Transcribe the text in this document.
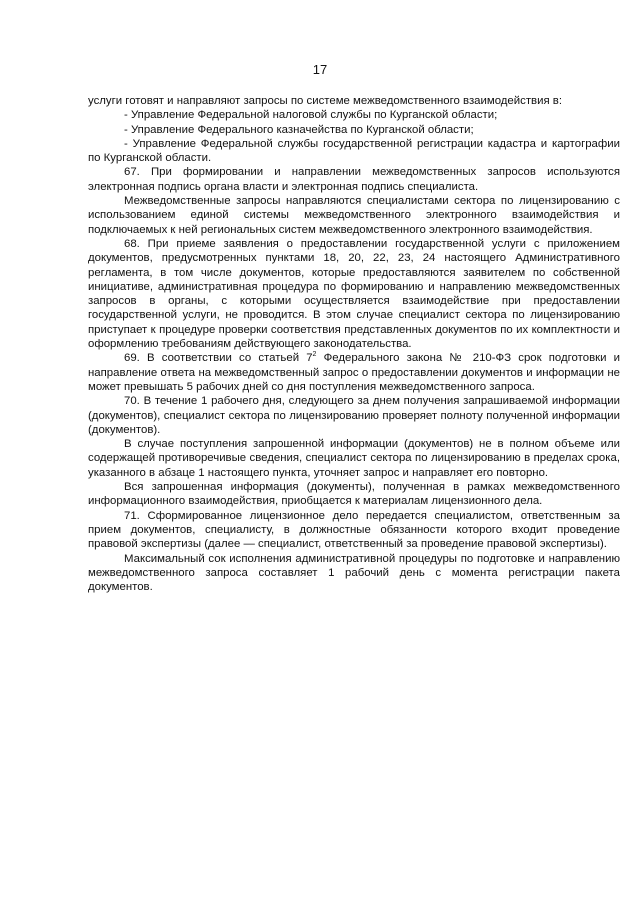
17

услуги готовят и направляют запросы по системе межведомственного взаимодействия в:

- Управление Федеральной налоговой службы по Курганской области;

- Управление Федерального казначейства по Курганской области;

- Управление Федеральной службы государственной регистрации кадастра и картографии по Курганской области.

67. При формировании и направлении межведомственных запросов используются электронная подпись органа власти и электронная подпись специалиста.

Межведомственные запросы направляются специалистами сектора по лицензированию с использованием единой системы межведомственного электронного взаимодействия и подключаемых к ней региональных систем межведомственного электронного взаимодействия.

68. При приеме заявления о предоставлении государственной услуги с приложением документов, предусмотренных пунктами 18, 20, 22, 23, 24 настоящего Административного регламента, в том числе документов, которые предоставляются заявителем по собственной инициативе, административная процедура по формированию и направлению межведомственных запросов в органы, с которыми осуществляется взаимодействие при предоставлении государственной услуги, не проводится. В этом случае специалист сектора по лицензированию приступает к процедуре проверки соответствия представленных документов по их комплектности и оформлению требованиям действующего законодательства.

69. В соответствии со статьей $7^2$ Федерального закона № 210-ФЗ срок подготовки и направление ответа на межведомственный запрос о предоставлении документов и информации не может превышать 5 рабочих дней со дня поступления межведомственного запроса.

70. В течение 1 рабочего дня, следующего за днем получения запрашиваемой информации (документов), специалист сектора по лицензированию проверяет полноту полученной информации (документов).

В случае поступления запрошенной информации (документов) не в полном объеме или содержащей противоречивые сведения, специалист сектора по лицензированию в пределах срока, указанного в абзаце 1 настоящего пункта, уточняет запрос и направляет его повторно.

Вся запрошенная информация (документы), полученная в рамках межведомственного информационного взаимодействия, приобщается к материалам лицензионного дела.

71. Сформированное лицензионное дело передается специалистом, ответственным за прием документов, специалисту, в должностные обязанности которого входит проведение правовой экспертизы (далее — специалист, ответственный за проведение правовой экспертизы).

Максимальный сок исполнения административной процедуры по подготовке и направлению межведомственного запроса составляет 1 рабочий день с момента регистрации пакета документов.
